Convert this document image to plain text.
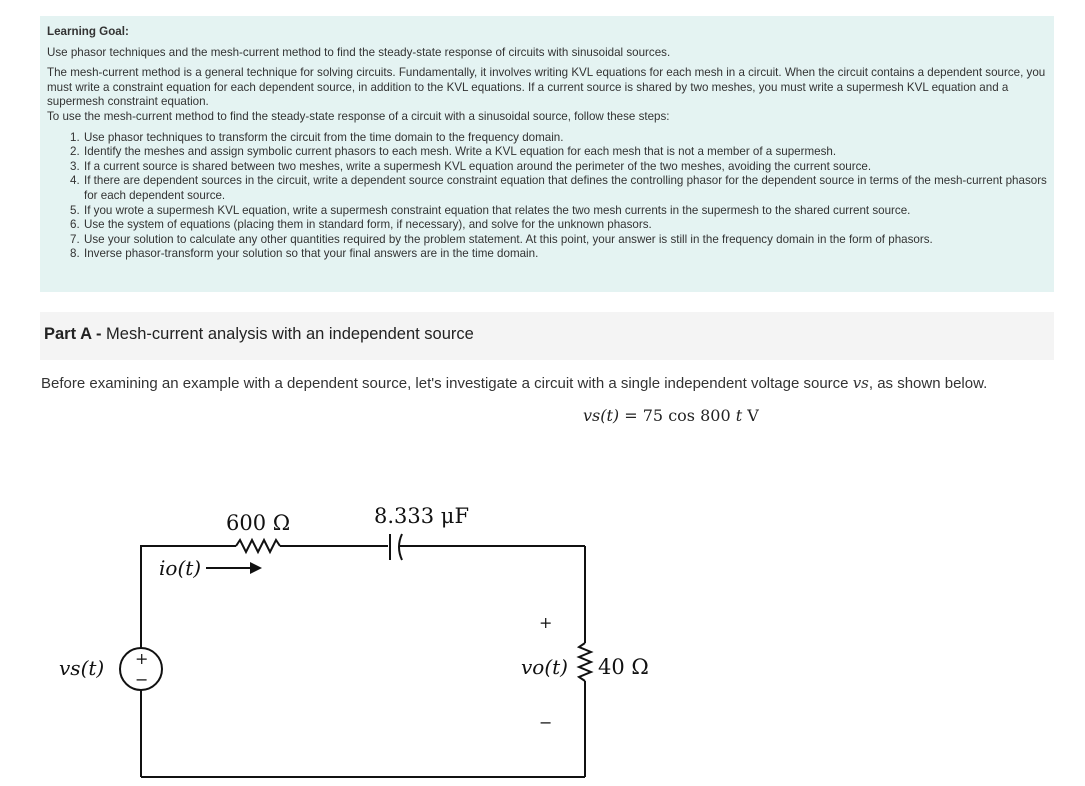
Learning Goal:

Use phasor techniques and the mesh-current method to find the steady-state response of circuits with sinusoidal sources.

The mesh-current method is a general technique for solving circuits. Fundamentally, it involves writing KVL equations for each mesh in a circuit. When the circuit contains a dependent source, you must write a constraint equation for each dependent source, in addition to the KVL equations. If a current source is shared by two meshes, you must write a supermesh KVL equation and a supermesh constraint equation.

To use the mesh-current method to find the steady-state response of a circuit with a sinusoidal source, follow these steps:

1. Use phasor techniques to transform the circuit from the time domain to the frequency domain.
2. Identify the meshes and assign symbolic current phasors to each mesh. Write a KVL equation for each mesh that is not a member of a supermesh.
3. If a current source is shared between two meshes, write a supermesh KVL equation around the perimeter of the two meshes, avoiding the current source.
4. If there are dependent sources in the circuit, write a dependent source constraint equation that defines the controlling phasor for the dependent source in terms of the mesh-current phasors for each dependent source.
5. If you wrote a supermesh KVL equation, write a supermesh constraint equation that relates the two mesh currents in the supermesh to the shared current source.
6. Use the system of equations (placing them in standard form, if necessary), and solve for the unknown phasors.
7. Use your solution to calculate any other quantities required by the problem statement. At this point, your answer is still in the frequency domain in the form of phasors.
8. Inverse phasor-transform your solution so that your final answers are in the time domain.
Part A - Mesh-current analysis with an independent source
Before examining an example with a dependent source, let's investigate a circuit with a single independent voltage source vs, as shown below.
vs(t) = 75 cos 800 t V
600 Ω	8.333 μF
io(t)
vs(t) +
−
+
vo(t)
−
40 Ω
